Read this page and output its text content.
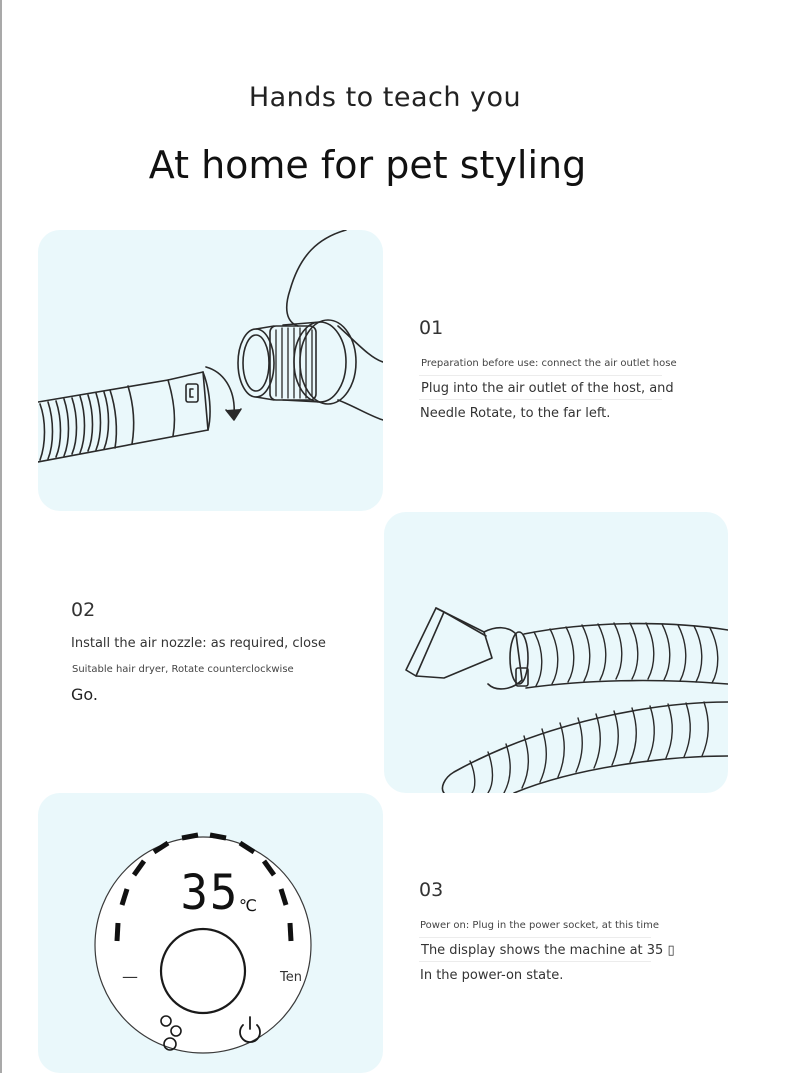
Hands to teach you
At home for pet styling
01
Preparation before use: connect the air outlet hose
Plug into the air outlet of the host, and
Needle Rotate, to the far left.
02
Install the air nozzle: as required, close
Suitable hair dryer, Rotate counterclockwise
Go.
35 ℃
—	Ten
03
Power on: Plug in the power socket, at this time
The display shows the machine at 35 ▯
In the power-on state.
